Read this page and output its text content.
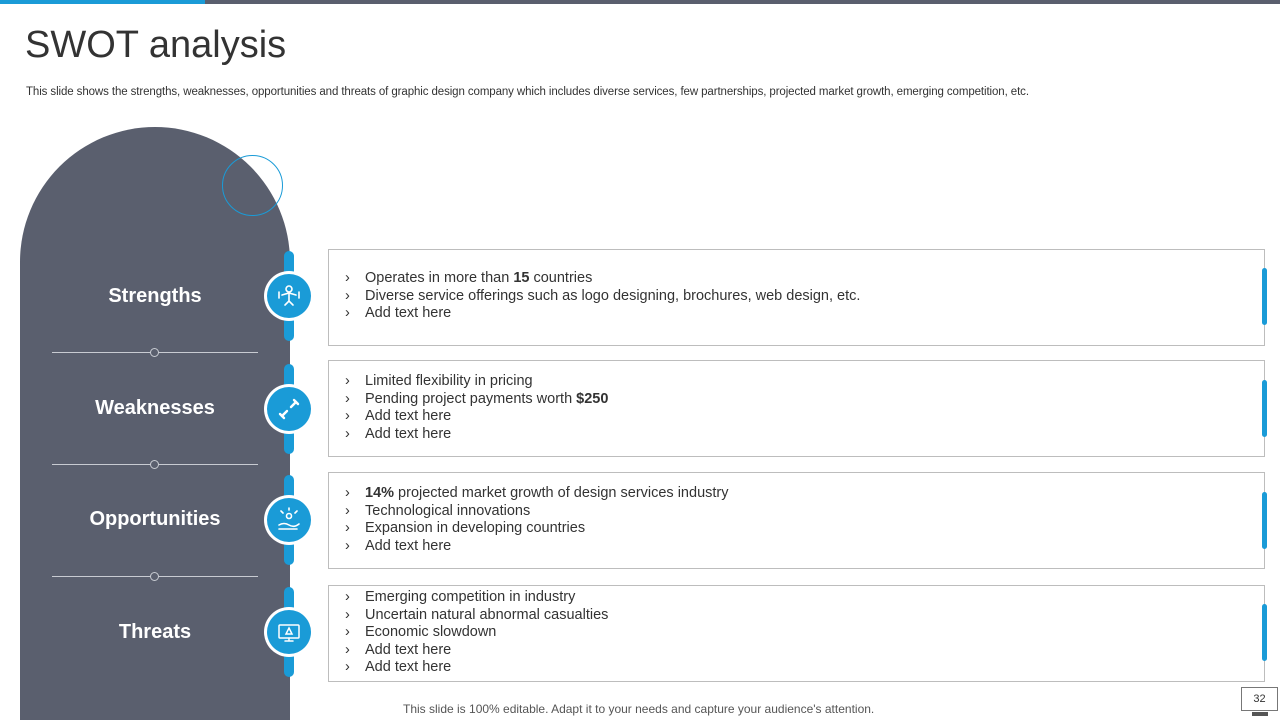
SWOT analysis
This slide shows the strengths, weaknesses, opportunities and threats of graphic design company which includes diverse services, few partnerships, projected market growth, emerging competition, etc.
Strengths
Weaknesses
Opportunities
Threats
› Operates in more than 15 countries
› Diverse service offerings such as logo designing, brochures, web design, etc.
› Add text here
› Limited flexibility in pricing
› Pending project payments worth $250
› Add text here
› Add text here
› 14% projected market growth of design services industry
› Technological innovations
› Expansion in developing countries
› Add text here
› Emerging competition in industry
› Uncertain natural abnormal casualties
› Economic slowdown
› Add text here
› Add text here
This slide is 100% editable. Adapt it to your needs and capture your audience's attention.
32
